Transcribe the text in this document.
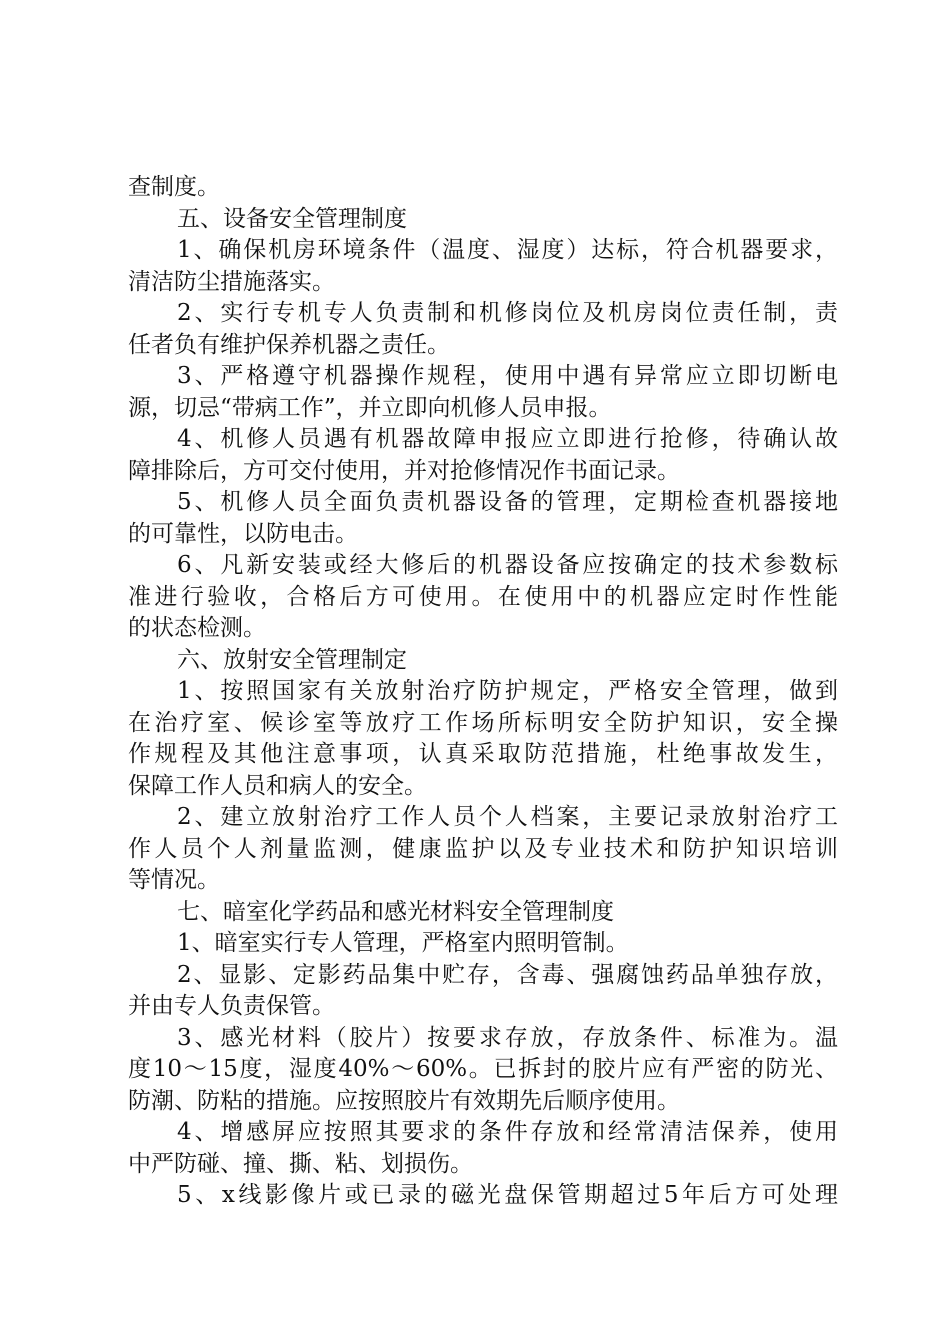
查制度。
五、设备安全管理制度
1、确保机房环境条件（温度、湿度）达标，符合机器要求，
清洁防尘措施落实。
2、实行专机专人负责制和机修岗位及机房岗位责任制，责
任者负有维护保养机器之责任。
3、严格遵守机器操作规程，使用中遇有异常应立即切断电
源，切忌“带病工作”，并立即向机修人员申报。
4、机修人员遇有机器故障申报应立即进行抢修，待确认故
障排除后，方可交付使用，并对抢修情况作书面记录。
5、机修人员全面负责机器设备的管理，定期检查机器接地
的可靠性，以防电击。
6、凡新安装或经大修后的机器设备应按确定的技术参数标
准进行验收，合格后方可使用。在使用中的机器应定时作性能
的状态检测。
六、放射安全管理制定
1、按照国家有关放射治疗防护规定，严格安全管理，做到
在治疗室、候诊室等放疗工作场所标明安全防护知识，安全操
作规程及其他注意事项，认真采取防范措施，杜绝事故发生，
保障工作人员和病人的安全。
2、建立放射治疗工作人员个人档案，主要记录放射治疗工
作人员个人剂量监测，健康监护以及专业技术和防护知识培训
等情况。
七、暗室化学药品和感光材料安全管理制度
1、暗室实行专人管理，严格室内照明管制。
2、显影、定影药品集中贮存，含毒、强腐蚀药品单独存放，
并由专人负责保管。
3、感光材料（胶片）按要求存放，存放条件、标准为。温
度10～15度，湿度40%～60%。已拆封的胶片应有严密的防光、
防潮、防粘的措施。应按照胶片有效期先后顺序使用。
4、增感屏应按照其要求的条件存放和经常清洁保养，使用
中严防碰、撞、撕、粘、划损伤。
5、x线影像片或已录的磁光盘保管期超过5年后方可处理
